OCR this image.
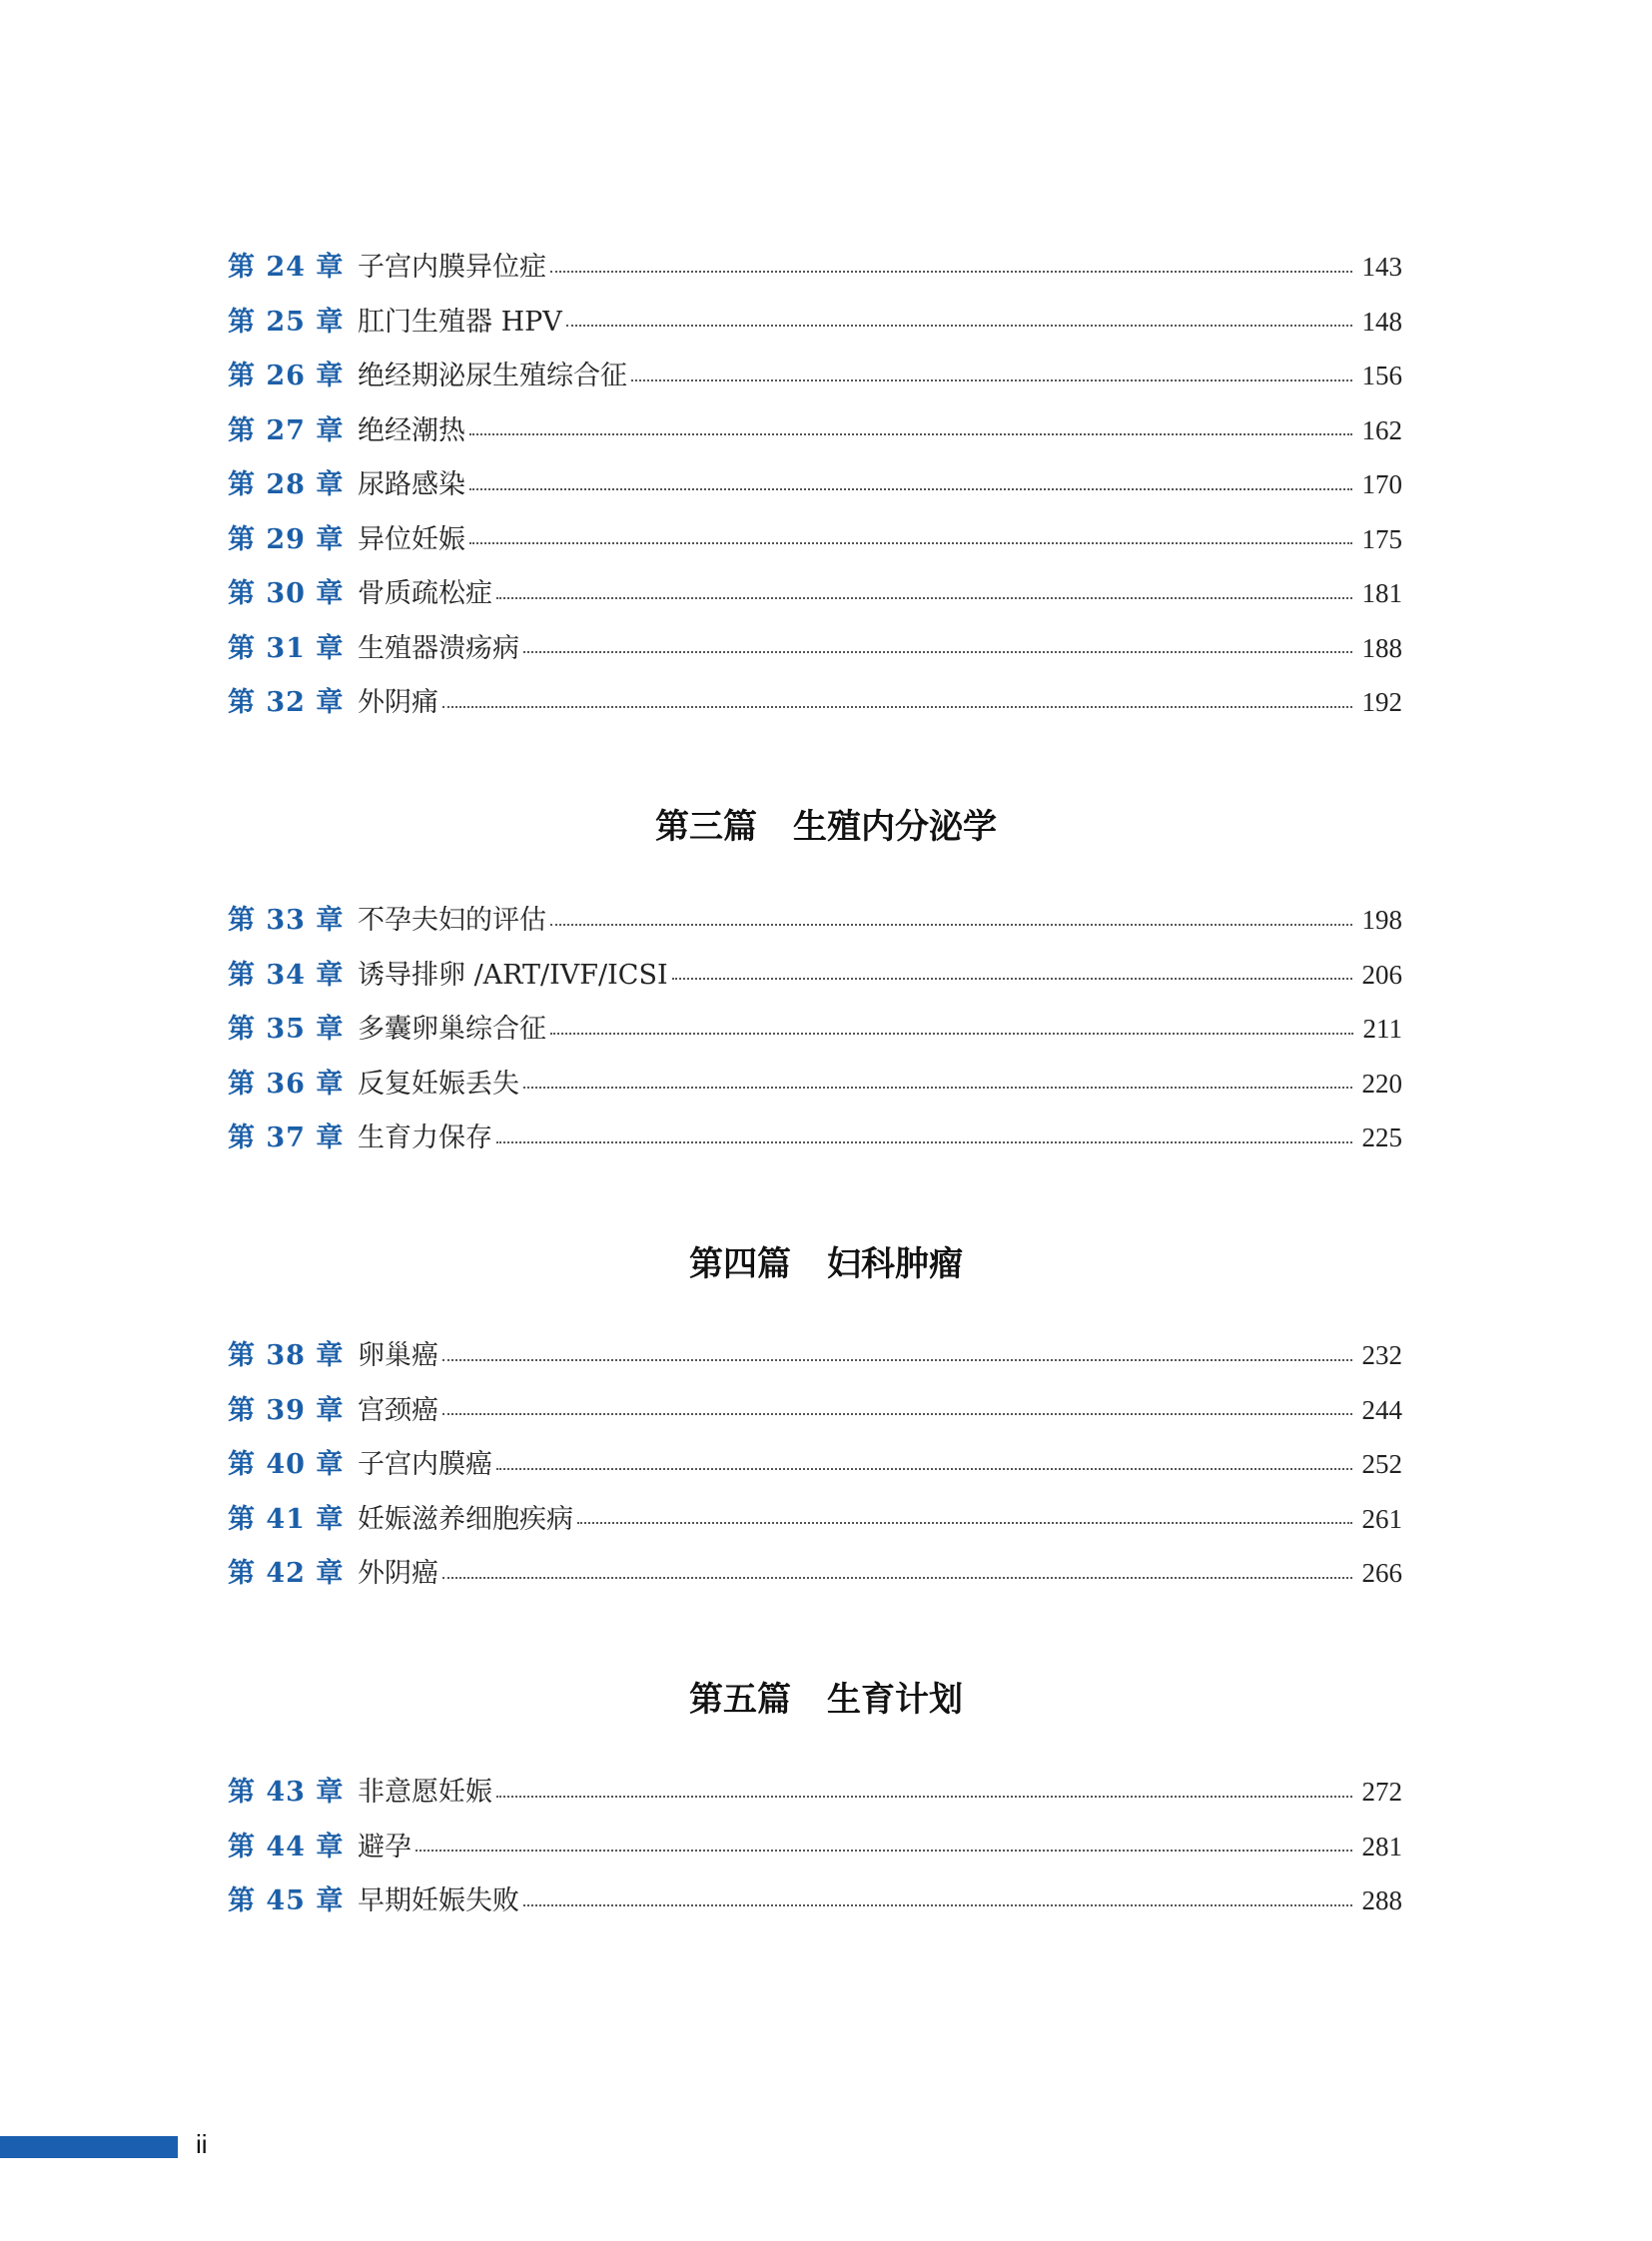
第 24 章 子宫内膜异位症	143
第 25 章 肛门生殖器 HPV	148
第 26 章 绝经期泌尿生殖综合征	156
第 27 章 绝经潮热	162
第 28 章 尿路感染	170
第 29 章 异位妊娠	175
第 30 章 骨质疏松症	181
第 31 章 生殖器溃疡病	188
第 32 章 外阴痛	192
第三篇 生殖内分泌学
第 33 章 不孕夫妇的评估	198
第 34 章 诱导排卵 /ART/IVF/ICSI	206
第 35 章 多囊卵巢综合征	211
第 36 章 反复妊娠丢失	220
第 37 章 生育力保存	225
第四篇 妇科肿瘤
第 38 章 卵巢癌	232
第 39 章 宫颈癌	244
第 40 章 子宫内膜癌	252
第 41 章 妊娠滋养细胞疾病	261
第 42 章 外阴癌	266
第五篇 生育计划
第 43 章 非意愿妊娠	272
第 44 章 避孕	281
第 45 章 早期妊娠失败	288
ii
